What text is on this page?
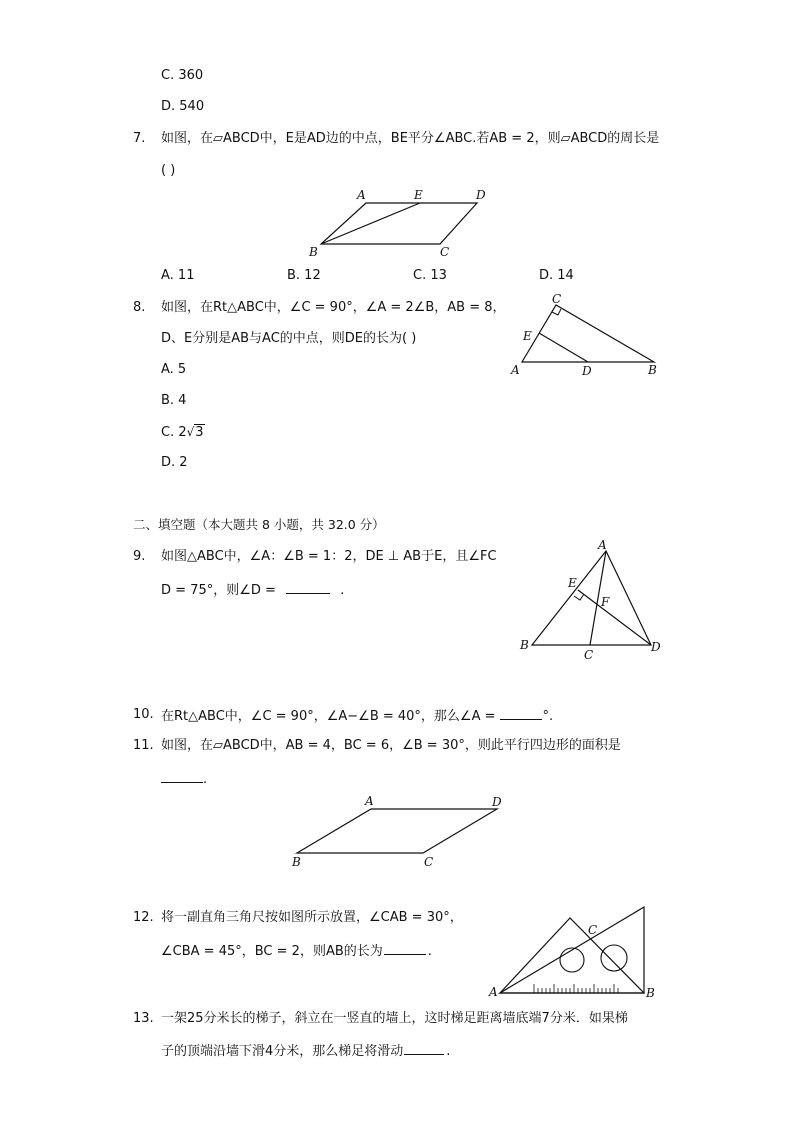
C. 360
D. 540
7. 如图，在▱ABCD中，E是AD边的中点，BE平分∠ABC.若AB = 2，则▱ABCD的周长是
( )
A	E	D
B	C
A. 11	B. 12	C. 13	D. 14
8. 如图，在Rt△ABC中，∠C = 90°，∠A = 2∠B，AB = 8，
D、E分别是AB与AC的中点，则DE的长为( )
A. 5
B. 4
C. 2√3
D. 2
C
E
A	D	B
二、填空题（本大题共 8 小题，共 32.0 分）
9. 如图△ABC中，∠A：∠B = 1：2，DE ⊥ AB于E，且∠FC
D = 75°，则∠D =	.
A
E
F
B
C
D
10. 在Rt△ABC中，∠C = 90°，∠A−∠B = 40°，那么∠A =	°.
11. 如图，在▱ABCD中，AB = 4，BC = 6，∠B = 30°，则此平行四边形的面积是
.
A	D
B	C
12. 将一副直角三角尺按如图所示放置，∠CAB = 30°，
∠CBA = 45°，BC = 2，则AB的长为	.
C
A	B
13. 一架25分米长的梯子，斜立在一竖直的墙上，这时梯足距离墙底端7分米．如果梯
子的顶端沿墙下滑4分米，那么梯足将滑动	.
